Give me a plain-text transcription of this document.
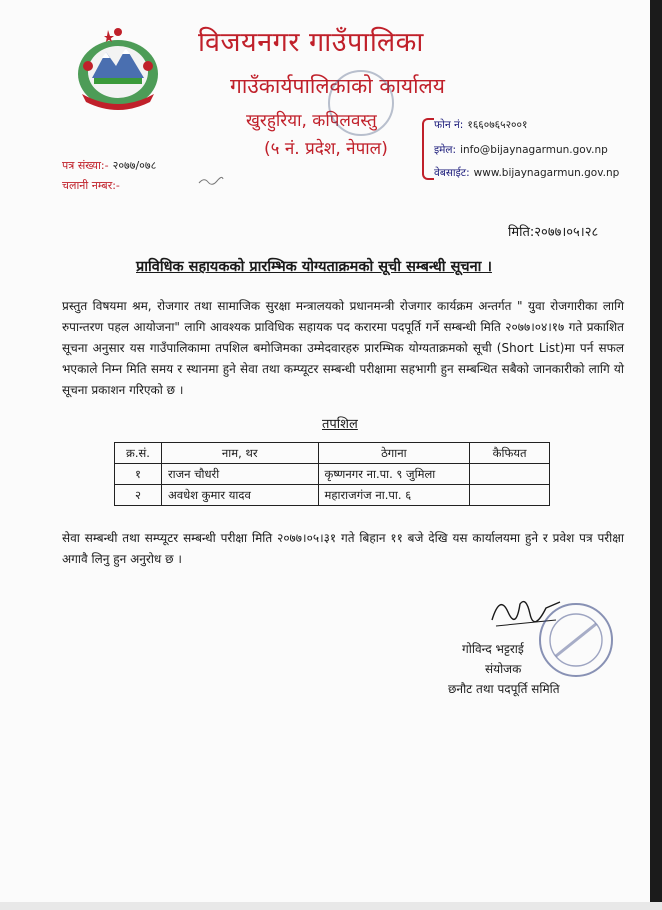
विजयनगर गाउँपालिका
गाउँकार्यपालिकाको कार्यालय
खुरहुरिया, कपिलवस्तु
(५ नं. प्रदेश, नेपाल)
फोन नं: १६६०७६५२००१
इमेल: info@bijaynagarmun.gov.np
वेबसाईट: www.bijaynagarmun.gov.np
पत्र संख्या:- २०७७/०७८
चलानी नम्बर:-
मिति:२०७७।०५।२८
प्राविधिक सहायकको प्रारम्भिक योग्यताक्रमको सूची सम्बन्धी सूचना ।
प्रस्तुत विषयमा श्रम, रोजगार तथा सामाजिक सुरक्षा मन्त्रालयको प्रधानमन्त्री रोजगार कार्यक्रम अन्तर्गत " युवा रोजगारीका लागि रुपान्तरण पहल आयोजना" लागि आवश्यक प्राविधिक सहायक पद करारमा पदपूर्ति गर्ने सम्बन्धी मिति २०७७।०४।१७ गते प्रकाशित सूचना अनुसार यस गाउँपालिकामा तपशिल बमोजिमका उम्मेदवारहरु प्रारम्भिक योग्यताक्रमको सूची (Short List)मा पर्न सफल भएकाले निम्न मिति समय र स्थानमा हुने सेवा तथा कम्प्यूटर सम्बन्धी परीक्षामा सहभागी हुन सम्बन्धित सबैको जानकारीको लागि यो सूचना प्रकाशन गरिएको छ ।
तपशिल
क्र.सं.	नाम, थर	ठेगाना	कैफियत
१	राजन चौधरी	कृष्णनगर ना.पा. ९ जुमिला	
२	अवधेश कुमार यादव	महाराजगंज ना.पा. ६	
सेवा सम्बन्धी तथा सम्प्यूटर सम्बन्धी परीक्षा मिति २०७७।०५।३१ गते बिहान ११ बजे देखि यस कार्यालयमा हुने र प्रवेश पत्र परीक्षा अगावै लिनु हुन अनुरोध छ ।
गोविन्द भट्टराई
संयोजक
छनौट तथा पदपूर्ति समिति
